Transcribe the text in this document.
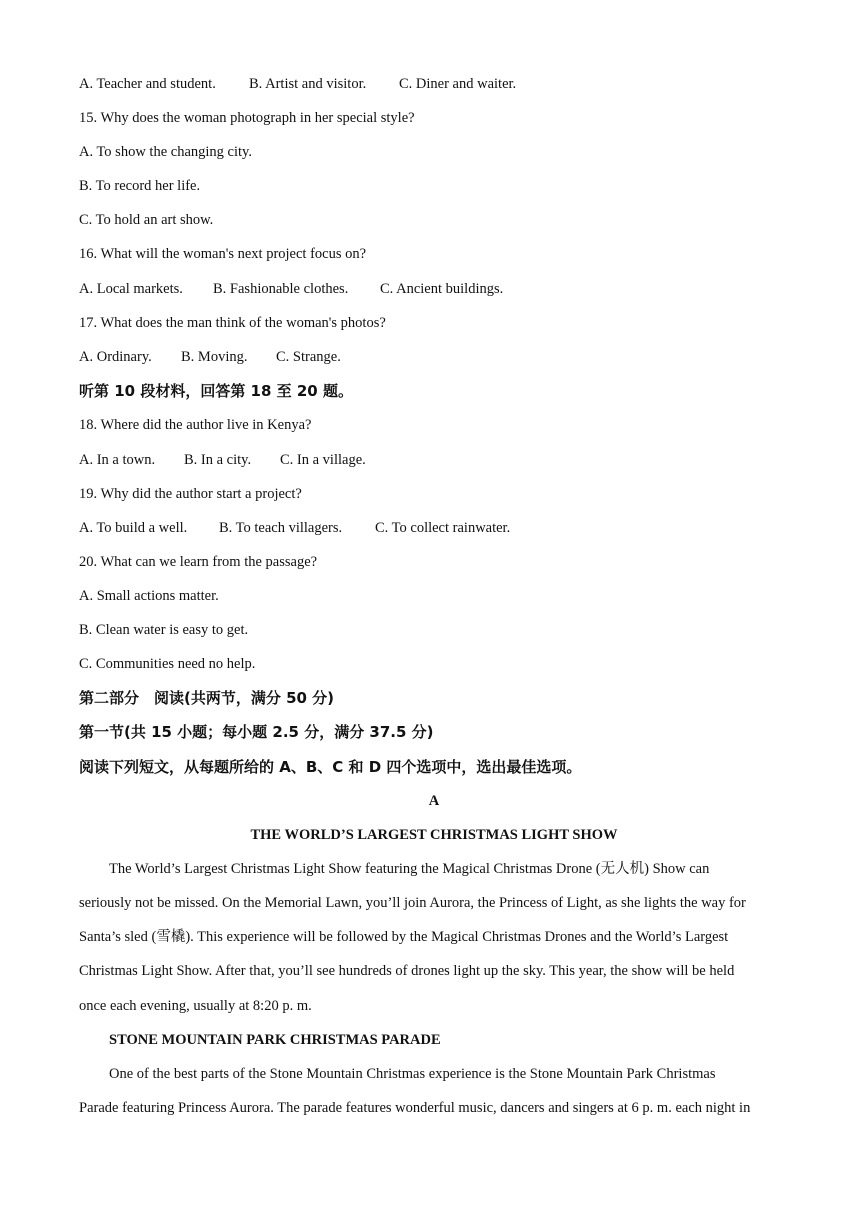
A. Teacher and student. B. Artist and visitor. C. Diner and waiter.
15. Why does the woman photograph in her special style?
A. To show the changing city.
B. To record her life.
C. To hold an art show.
16. What will the woman's next project focus on?
A. Local markets. B. Fashionable clothes. C. Ancient buildings.
17. What does the man think of the woman's photos?
A. Ordinary. B. Moving. C. Strange.
听第 10 段材料，回答第 18 至 20 题。
18. Where did the author live in Kenya?
A. In a town. B. In a city. C. In a village.
19. Why did the author start a project?
A. To build a well. B. To teach villagers. C. To collect rainwater.
20. What can we learn from the passage?
A. Small actions matter.
B. Clean water is easy to get.
C. Communities need no help.
第二部分　阅读(共两节，满分 50 分)
第一节(共 15 小题；每小题 2.5 分，满分 37.5 分)
阅读下列短文，从每题所给的 A、B、C 和 D 四个选项中，选出最佳选项。
A
THE WORLD’S LARGEST CHRISTMAS LIGHT SHOW
The World’s Largest Christmas Light Show featuring the Magical Christmas Drone (无人机) Show can
seriously not be missed. On the Memorial Lawn, you’ll join Aurora, the Princess of Light, as she lights the way for
Santa’s sled (雪橇). This experience will be followed by the Magical Christmas Drones and the World’s Largest
Christmas Light Show. After that, you’ll see hundreds of drones light up the sky. This year, the show will be held
once each evening, usually at 8:20 p. m.
STONE MOUNTAIN PARK CHRISTMAS PARADE
One of the best parts of the Stone Mountain Christmas experience is the Stone Mountain Park Christmas
Parade featuring Princess Aurora. The parade features wonderful music, dancers and singers at 6 p. m. each night in
